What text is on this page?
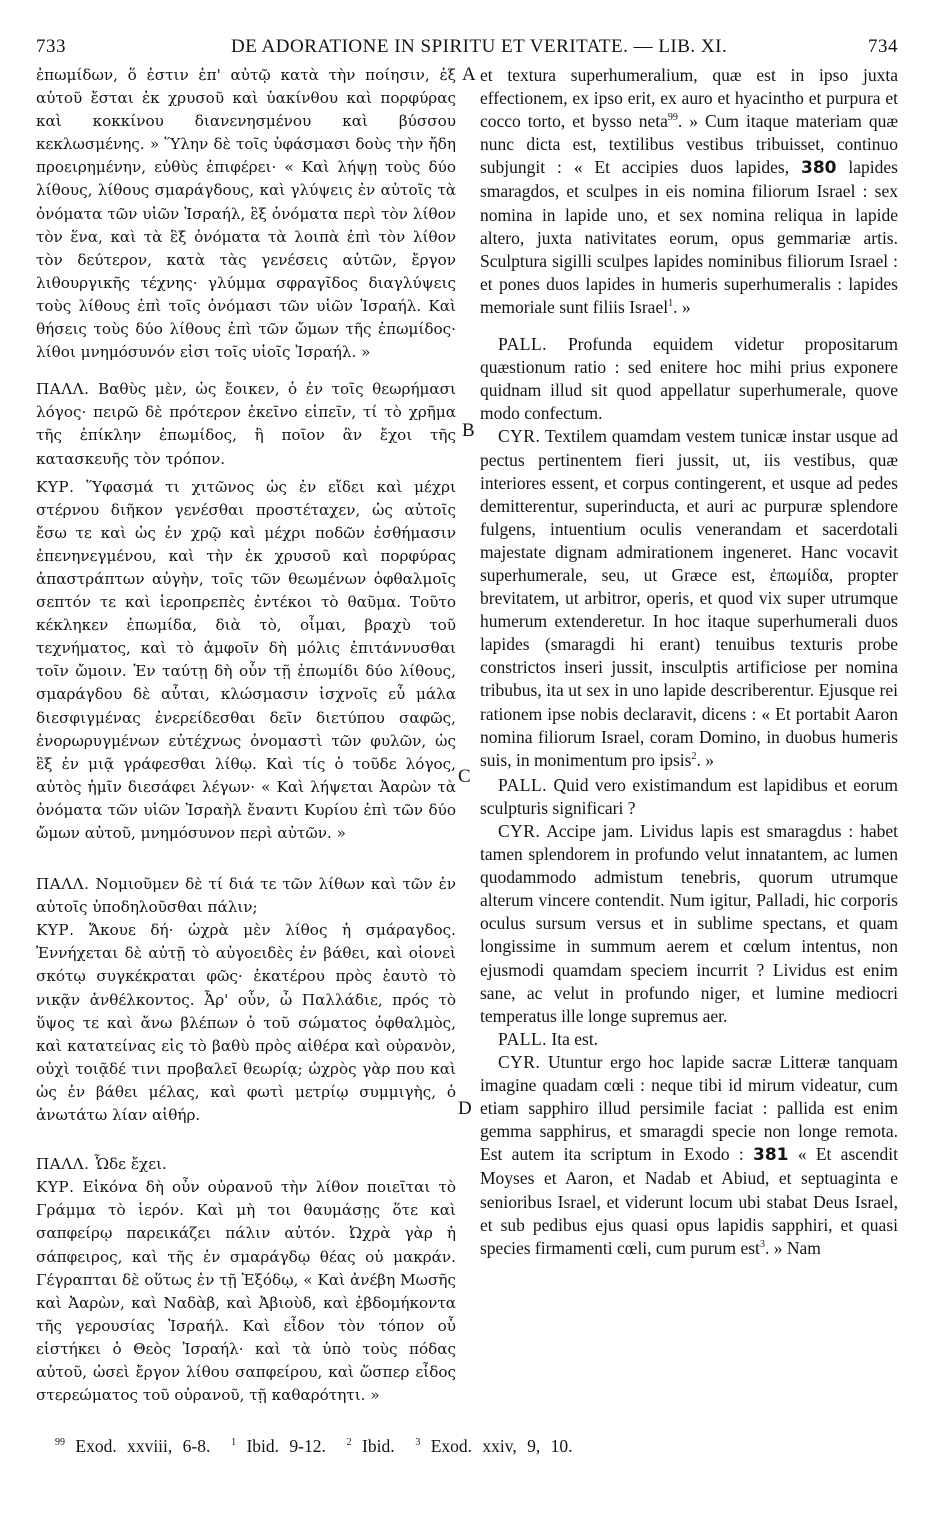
733	DE ADORATIONE IN SPIRITU ET VERITATE. — LIB. XI.	734

ἐπωμίδων, ὅ ἐστιν ἐπ' αὐτῷ κατὰ τὴν ποίησιν, ἐξ αὐτοῦ ἔσται ἐκ χρυσοῦ καὶ ὑακίνθου καὶ πορφύρας καὶ κοκκίνου διανενησμένου καὶ βύσσου κεκλωσμένης. » Ὕλην δὲ τοῖς ὑφάσμασι δοὺς τὴν ἤδη προειρημένην, εὐθὺς ἐπιφέρει· « Καὶ λήψῃ τοὺς δύο λίθους, λίθους σμαράγδους, καὶ γλύψεις ἐν αὐτοῖς τὰ ὀνόματα τῶν υἱῶν Ἰσραήλ, ἓξ ὀνόματα περὶ τὸν λίθον τὸν ἕνα, καὶ τὰ ἓξ ὀνόματα τὰ λοιπὰ ἐπὶ τὸν λίθον τὸν δεύτερον, κατὰ τὰς γενέσεις αὐτῶν, ἔργον λιθουργικῆς τέχνης· γλύμμα σφραγῖδος διαγλύψεις τοὺς λίθους ἐπὶ τοῖς ὀνόμασι τῶν υἱῶν Ἰσραήλ. Καὶ θήσεις τοὺς δύο λίθους ἐπὶ τῶν ὤμων τῆς ἐπωμίδος· λίθοι μνημόσυνόν εἰσι τοῖς υἱοῖς Ἰσραήλ. »

ΠΑΛΛ. Βαθὺς μὲν, ὡς ἔοικεν, ὁ ἐν τοῖς θεωρήμασι λόγος· πειρῶ δὲ πρότερον ἐκεῖνο εἰπεῖν, τί τὸ χρῆμα τῆς ἐπίκλην ἐπωμίδος, ἢ ποῖον ἂν ἔχοι τῆς κατασκευῆς τὸν τρόπον.

ΚΥΡ. Ὕφασμά τι χιτῶνος ὡς ἐν εἴδει καὶ μέχρι στέρνου διῆκον γενέσθαι προστέταχεν, ὡς αὐτοῖς ἔσω τε καὶ ὡς ἐν χρῷ καὶ μέχρι ποδῶν ἐσθήμασιν ἐπενηνεγμένου, καὶ τὴν ἐκ χρυσοῦ καὶ πορφύρας ἀπαστράπτων αὐγὴν, τοῖς τῶν θεωμένων ὀφθαλμοῖς σεπτόν τε καὶ ἱεροπρεπὲς ἐντέκοι τὸ θαῦμα. Τοῦτο κέκληκεν ἐπωμίδα, διὰ τὸ, οἶμαι, βραχὺ τοῦ τεχνήματος, καὶ τὸ ἀμφοῖν δὴ μόλις ἐπιτάννυσθαι τοῖν ὤμοιν. Ἐν ταύτῃ δὴ οὖν τῇ ἐπωμίδι δύο λίθους, σμαράγδου δὲ αὗται, κλώσμασιν ἰσχνοῖς εὖ μάλα διεσφιγμένας ἐνερείδεσθαι δεῖν διετύπου σαφῶς, ἐνορωρυγμένων εὐτέχνως ὀνομαστὶ τῶν φυλῶν, ὡς ἓξ ἐν μιᾷ γράφεσθαι λίθῳ. Καὶ τίς ὁ τοῦδε λόγος, αὐτὸς ἡμῖν διεσάφει λέγων· « Καὶ λήψεται Ἀαρὼν τὰ ὀνόματα τῶν υἱῶν Ἰσραὴλ ἔναντι Κυρίου ἐπὶ τῶν δύο ὤμων αὐτοῦ, μνημόσυνον περὶ αὐτῶν. »

ΠΑΛΛ. Νομιοῦμεν δὲ τί διά τε τῶν λίθων καὶ τῶν ἐν αὐτοῖς ὑποδηλοῦσθαι πάλιν;

ΚΥΡ. Ἄκουε δή· ὠχρὰ μὲν λίθος ἡ σμάραγδος. Ἐννήχεται δὲ αὐτῇ τὸ αὐγοειδὲς ἐν βάθει, καὶ οἱονεὶ σκότῳ συγκέκραται φῶς· ἑκατέρου πρὸς ἑαυτὸ τὸ νικᾷν ἀνθέλκοντος. Ἆρ' οὖν, ὦ Παλλάδιε, πρός τὸ ὕψος τε καὶ ἄνω βλέπων ὁ τοῦ σώματος ὀφθαλμὸς, καὶ κατατείνας εἰς τὸ βαθὺ πρὸς αἰθέρα καὶ οὐρανὸν, οὐχὶ τοιᾷδέ τινι προβαλεῖ θεωρίᾳ; ὠχρὸς γὰρ που καὶ ὡς ἐν βάθει μέλας, καὶ φωτὶ μετρίῳ συμμιγὴς, ὁ ἀνωτάτω λίαν αἰθήρ.

ΠΑΛΛ. Ὧδε ἔχει.

ΚΥΡ. Εἰκόνα δὴ οὖν οὐρανοῦ τὴν λίθον ποιεῖται τὸ Γράμμα τὸ ἱερόν. Καὶ μὴ τοι θαυμάσῃς ὅτε καὶ σαπφείρῳ παρεικάζει πάλιν αὐτόν. Ὠχρὰ γὰρ ἡ σάπφειρος, καὶ τῆς ἐν σμαράγδῳ θέας οὐ μακράν. Γέγραπται δὲ οὕτως ἐν τῇ Ἐξόδῳ, « Καὶ ἀνέβη Μωσῆς καὶ Ἀαρὼν, καὶ Ναδὰβ, καὶ Ἀβιοὺδ, καὶ ἑβδομήκοντα τῆς γερουσίας Ἰσραήλ. Καὶ εἶδον τὸν τόπον οὗ εἱστήκει ὁ Θεὸς Ἰσραήλ· καὶ τὰ ὑπὸ τοὺς πόδας αὐτοῦ, ὡσεὶ ἔργον λίθου σαπφείρου, καὶ ὥσπερ εἶδος στερεώματος τοῦ οὐρανοῦ, τῇ καθαρότητι. »

A
B
C
D

et textura superhumeralium, quæ est in ipso juxta effectionem, ex ipso erit, ex auro et hyacintho et purpura et cocco torto, et bysso neta$^{99}$. » Cum itaque materiam quæ nunc dicta est, textilibus vestibus tribuisset, continuo subjungit : « Et accipies duos lapides, 380 lapides smaragdos, et sculpes in eis nomina filiorum Israel : sex nomina in lapide uno, et sex nomina reliqua in lapide altero, juxta nativitates eorum, opus gemmariæ artis. Sculptura sigilli sculpes lapides nominibus filiorum Israel : et pones duos lapides in humeris superhumeralis : lapides memoriale sunt filiis Israel$^1$. »

PALL. Profunda equidem videtur propositarum quæstionum ratio : sed enitere hoc mihi prius exponere quidnam illud sit quod appellatur superhumerale, quove modo confectum.

CYR. Textilem quamdam vestem tunicæ instar usque ad pectus pertinentem fieri jussit, ut, iis vestibus, quæ interiores essent, et corpus contingerent, et usque ad pedes demitterentur, superinducta, et auri ac purpuræ splendore fulgens, intuentium oculis venerandam et sacerdotali majestate dignam admirationem ingeneret. Hanc vocavit superhumerale, seu, ut Græce est, ἐπωμίδα, propter brevitatem, ut arbitror, operis, et quod vix super utrumque humerum extenderetur. In hoc itaque superhumerali duos lapides (smaragdi hi erant) tenuibus texturis probe constrictos inseri jussit, insculptis artificiose per nomina tribubus, ita ut sex in uno lapide describerentur. Ejusque rei rationem ipse nobis declaravit, dicens : « Et portabit Aaron nomina filiorum Israel, coram Domino, in duobus humeris suis, in monimentum pro ipsis$^2$. »

PALL. Quid vero existimandum est lapidibus et eorum sculpturis significari ?

CYR. Accipe jam. Lividus lapis est smaragdus : habet tamen splendorem in profundo velut innatantem, ac lumen quodammodo admistum tenebris, quorum utrumque alterum vincere contendit. Num igitur, Palladi, hic corporis oculus sursum versus et in sublime spectans, et quam longissime in summum aerem et cœlum intentus, non ejusmodi quamdam speciem incurrit ? Lividus est enim sane, ac velut in profundo niger, et lumine mediocri temperatus ille longe supremus aer.

PALL. Ita est.

CYR. Utuntur ergo hoc lapide sacræ Litteræ tanquam imagine quadam cœli : neque tibi id mirum videatur, cum etiam sapphiro illud persimile faciat : pallida est enim gemma sapphirus, et smaragdi specie non longe remota. Est autem ita scriptum in Exodo : 381 « Et ascendit Moyses et Aaron, et Nadab et Abiud, et septuaginta e senioribus Israel, et viderunt locum ubi stabat Deus Israel, et sub pedibus ejus quasi opus lapidis sapphiri, et quasi species firmamenti cœli, cum purum est$^3$. » Nam

$^{99}$ Exod. xxviii, 6-8. $^1$ Ibid. 9-12. $^2$ Ibid. $^3$ Exod. xxiv, 9, 10.
